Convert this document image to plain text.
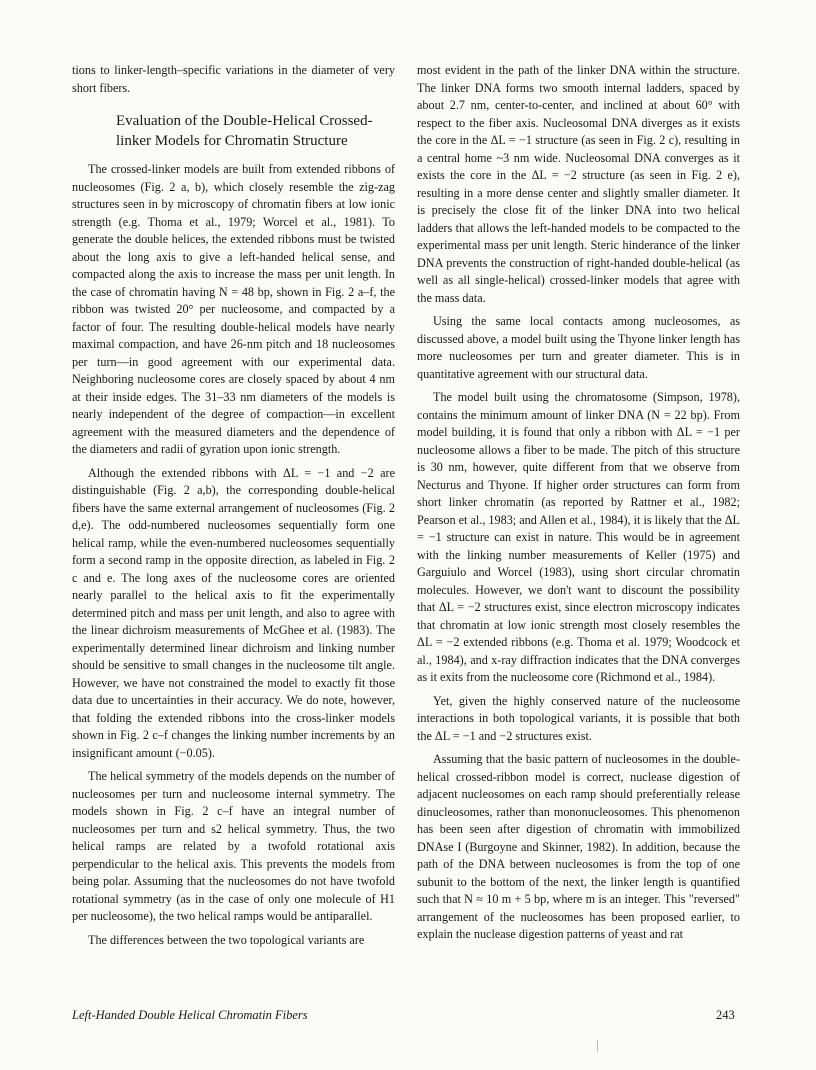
tions to linker-length–specific variations in the diameter of very short fibers.

Evaluation of the Double-Helical Crossed-linker Models for Chromatin Structure

The crossed-linker models are built from extended ribbons of nucleosomes (Fig. 2 a, b), which closely resemble the zig-zag structures seen in by microscopy of chromatin fibers at low ionic strength (e.g. Thoma et al., 1979; Worcel et al., 1981). To generate the double helices, the extended ribbons must be twisted about the long axis to give a left-handed helical sense, and compacted along the axis to increase the mass per unit length. In the case of chromatin having N = 48 bp, shown in Fig. 2 a–f, the ribbon was twisted 20° per nucleosome, and compacted by a factor of four. The resulting double-helical models have nearly maximal compaction, and have 26-nm pitch and 18 nucleosomes per turn—in good agreement with our experimental data. Neighboring nucleosome cores are closely spaced by about 4 nm at their inside edges. The 31–33 nm diameters of the models is nearly independent of the degree of compaction—in excellent agreement with the measured diameters and the dependence of the diameters and radii of gyration upon ionic strength.

Although the extended ribbons with ΔL = −1 and −2 are distinguishable (Fig. 2 a,b), the corresponding double-helical fibers have the same external arrangement of nucleosomes (Fig. 2 d,e). The odd-numbered nucleosomes sequentially form one helical ramp, while the even-numbered nucleosomes sequentially form a second ramp in the opposite direction, as labeled in Fig. 2 c and e. The long axes of the nucleosome cores are oriented nearly parallel to the helical axis to fit the experimentally determined pitch and mass per unit length, and also to agree with the linear dichroism measurements of McGhee et al. (1983). The experimentally determined linear dichroism and linking number should be sensitive to small changes in the nucleosome tilt angle. However, we have not constrained the model to exactly fit those data due to uncertainties in their accuracy. We do note, however, that folding the extended ribbons into the cross-linker models shown in Fig. 2 c–f changes the linking number increments by an insignificant amount (−0.05).

The helical symmetry of the models depends on the number of nucleosomes per turn and nucleosome internal symmetry. The models shown in Fig. 2 c–f have an integral number of nucleosomes per turn and s2 helical symmetry. Thus, the two helical ramps are related by a twofold rotational axis perpendicular to the helical axis. This prevents the models from being polar. Assuming that the nucleosomes do not have twofold rotational symmetry (as in the case of only one molecule of H1 per nucleosome), the two helical ramps would be antiparallel.

The differences between the two topological variants are

most evident in the path of the linker DNA within the structure. The linker DNA forms two smooth internal ladders, spaced by about 2.7 nm, center-to-center, and inclined at about 60° with respect to the fiber axis. Nucleosomal DNA diverges as it exists the core in the ΔL = −1 structure (as seen in Fig. 2 c), resulting in a central home ~3 nm wide. Nucleosomal DNA converges as it exists the core in the ΔL = −2 structure (as seen in Fig. 2 e), resulting in a more dense center and slightly smaller diameter. It is precisely the close fit of the linker DNA into two helical ladders that allows the left-handed models to be compacted to the experimental mass per unit length. Steric hinderance of the linker DNA prevents the construction of right-handed double-helical (as well as all single-helical) crossed-linker models that agree with the mass data.

Using the same local contacts among nucleosomes, as discussed above, a model built using the Thyone linker length has more nucleosomes per turn and greater diameter. This is in quantitative agreement with our structural data.

The model built using the chromatosome (Simpson, 1978), contains the minimum amount of linker DNA (N = 22 bp). From model building, it is found that only a ribbon with ΔL = −1 per nucleosome allows a fiber to be made. The pitch of this structure is 30 nm, however, quite different from that we observe from Necturus and Thyone. If higher order structures can form from short linker chromatin (as reported by Rattner et al., 1982; Pearson et al., 1983; and Allen et al., 1984), it is likely that the ΔL = −1 structure can exist in nature. This would be in agreement with the linking number measurements of Keller (1975) and Garguiulo and Worcel (1983), using short circular chromatin molecules. However, we don't want to discount the possibility that ΔL = −2 structures exist, since electron microscopy indicates that chromatin at low ionic strength most closely resembles the ΔL = −2 extended ribbons (e.g. Thoma et al. 1979; Woodcock et al., 1984), and x-ray diffraction indicates that the DNA converges as it exits from the nucleosome core (Richmond et al., 1984).

Yet, given the highly conserved nature of the nucleosome interactions in both topological variants, it is possible that both the ΔL = −1 and −2 structures exist.

Assuming that the basic pattern of nucleosomes in the double-helical crossed-ribbon model is correct, nuclease digestion of adjacent nucleosomes on each ramp should preferentially release dinucleosomes, rather than mononucleosomes. This phenomenon has been seen after digestion of chromatin with immobilized DNAse I (Burgoyne and Skinner, 1982). In addition, because the path of the DNA between nucleosomes is from the top of one subunit to the bottom of the next, the linker length is quantified such that N ≈ 10 m + 5 bp, where m is an integer. This "reversed" arrangement of the nucleosomes has been proposed earlier, to explain the nuclease digestion patterns of yeast and rat

Left-Handed Double Helical Chromatin Fibers	243
